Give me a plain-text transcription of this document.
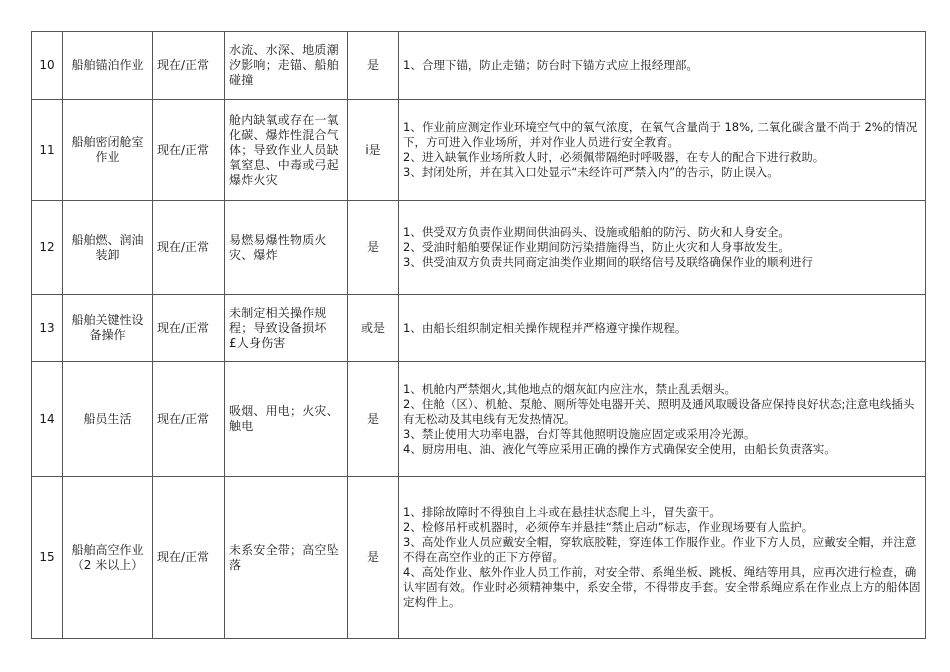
10	船舶锚泊作业	现在/正常	水流、水深、地质潮汐影响；走锚、船舶碰撞	是	1、合理下锚，防止走锚；防台时下锚方式应上报经理部。

11	船舶密闭舱室作业	现在/正常	舱内缺氧或存在一氧化碳、爆炸性混合气体；导致作业人员缺氧窒息、中毒或弓起爆炸火灾	i是	1、作业前应测定作业环境空气中的氧气浓度，在氧气含量尚于 18%, 二氧化碳含量不尚于 2%的情况下，方可进入作业场所，并对作业人员进行安全教育。
2、进入缺氧作业场所救人时，必须佩带隔绝时呼吸器，在专人的配合下进行救助。
3、封闭处所，并在其入口处显示“未经许可严禁入内”的告示，防止误入。

12	船舶燃、润油装卸	现在/正常	易燃易爆性物质火灾、爆炸	是	1、供受双方负责作业期间供油码头、设施或船舶的防污、防火和人身安全。
2、受油时船舶要保证作业期间防污染措施得当，防止火灾和人身事故发生。
3、供受油双方负责共同商定油类作业期间的联络信号及联络确保作业的顺利进行

13	船舶关键性设备操作	现在/正常	未制定相关操作规程；导致设备损坏£人身伤害	或是	1、由船长组织制定相关操作规程并严格遵守操作规程。

14	船员生活	现在/正常	吸烟、用电；火灾、触电	是	1、机舱内严禁烟火,其他地点的烟灰缸内应注水，禁止乱丢烟头。
2、住舱（区）、机舱、泵舱、厕所等处电器开关、照明及通风取暖设备应保持良好状态;注意电线插头有无松动及其电线有无发热情况。
3、禁止使用大功率电器，台灯等其他照明设施应固定或采用冷光源。
4、厨房用电、油、液化气等应采用正确的操作方式确保安全使用，由船长负责落实。

15	船舶高空作业（2 米以上）	现在/正常	未系安全带；高空坠落	是	1、排除故障时不得独自上斗或在悬挂状态爬上斗，冒失蛮干。
2、检修吊杆或机器时，必须停车并悬挂“禁止启动”标志，作业现场要有人监护。
3、高处作业人员应戴安全帽，穿软底胶鞋，穿连体工作服作业。作业下方人员，应戴安全帽，并注意不得在高空作业的正下方停留。
4、高处作业、舷外作业人员工作前，对安全带、系绳坐板、跳板、绳结等用具，应再次进行检查，确认牢固有效。作业时必须精神集中，系安全带，不得带皮手套。安全带系绳应系在作业点上方的船体固定构件上。
